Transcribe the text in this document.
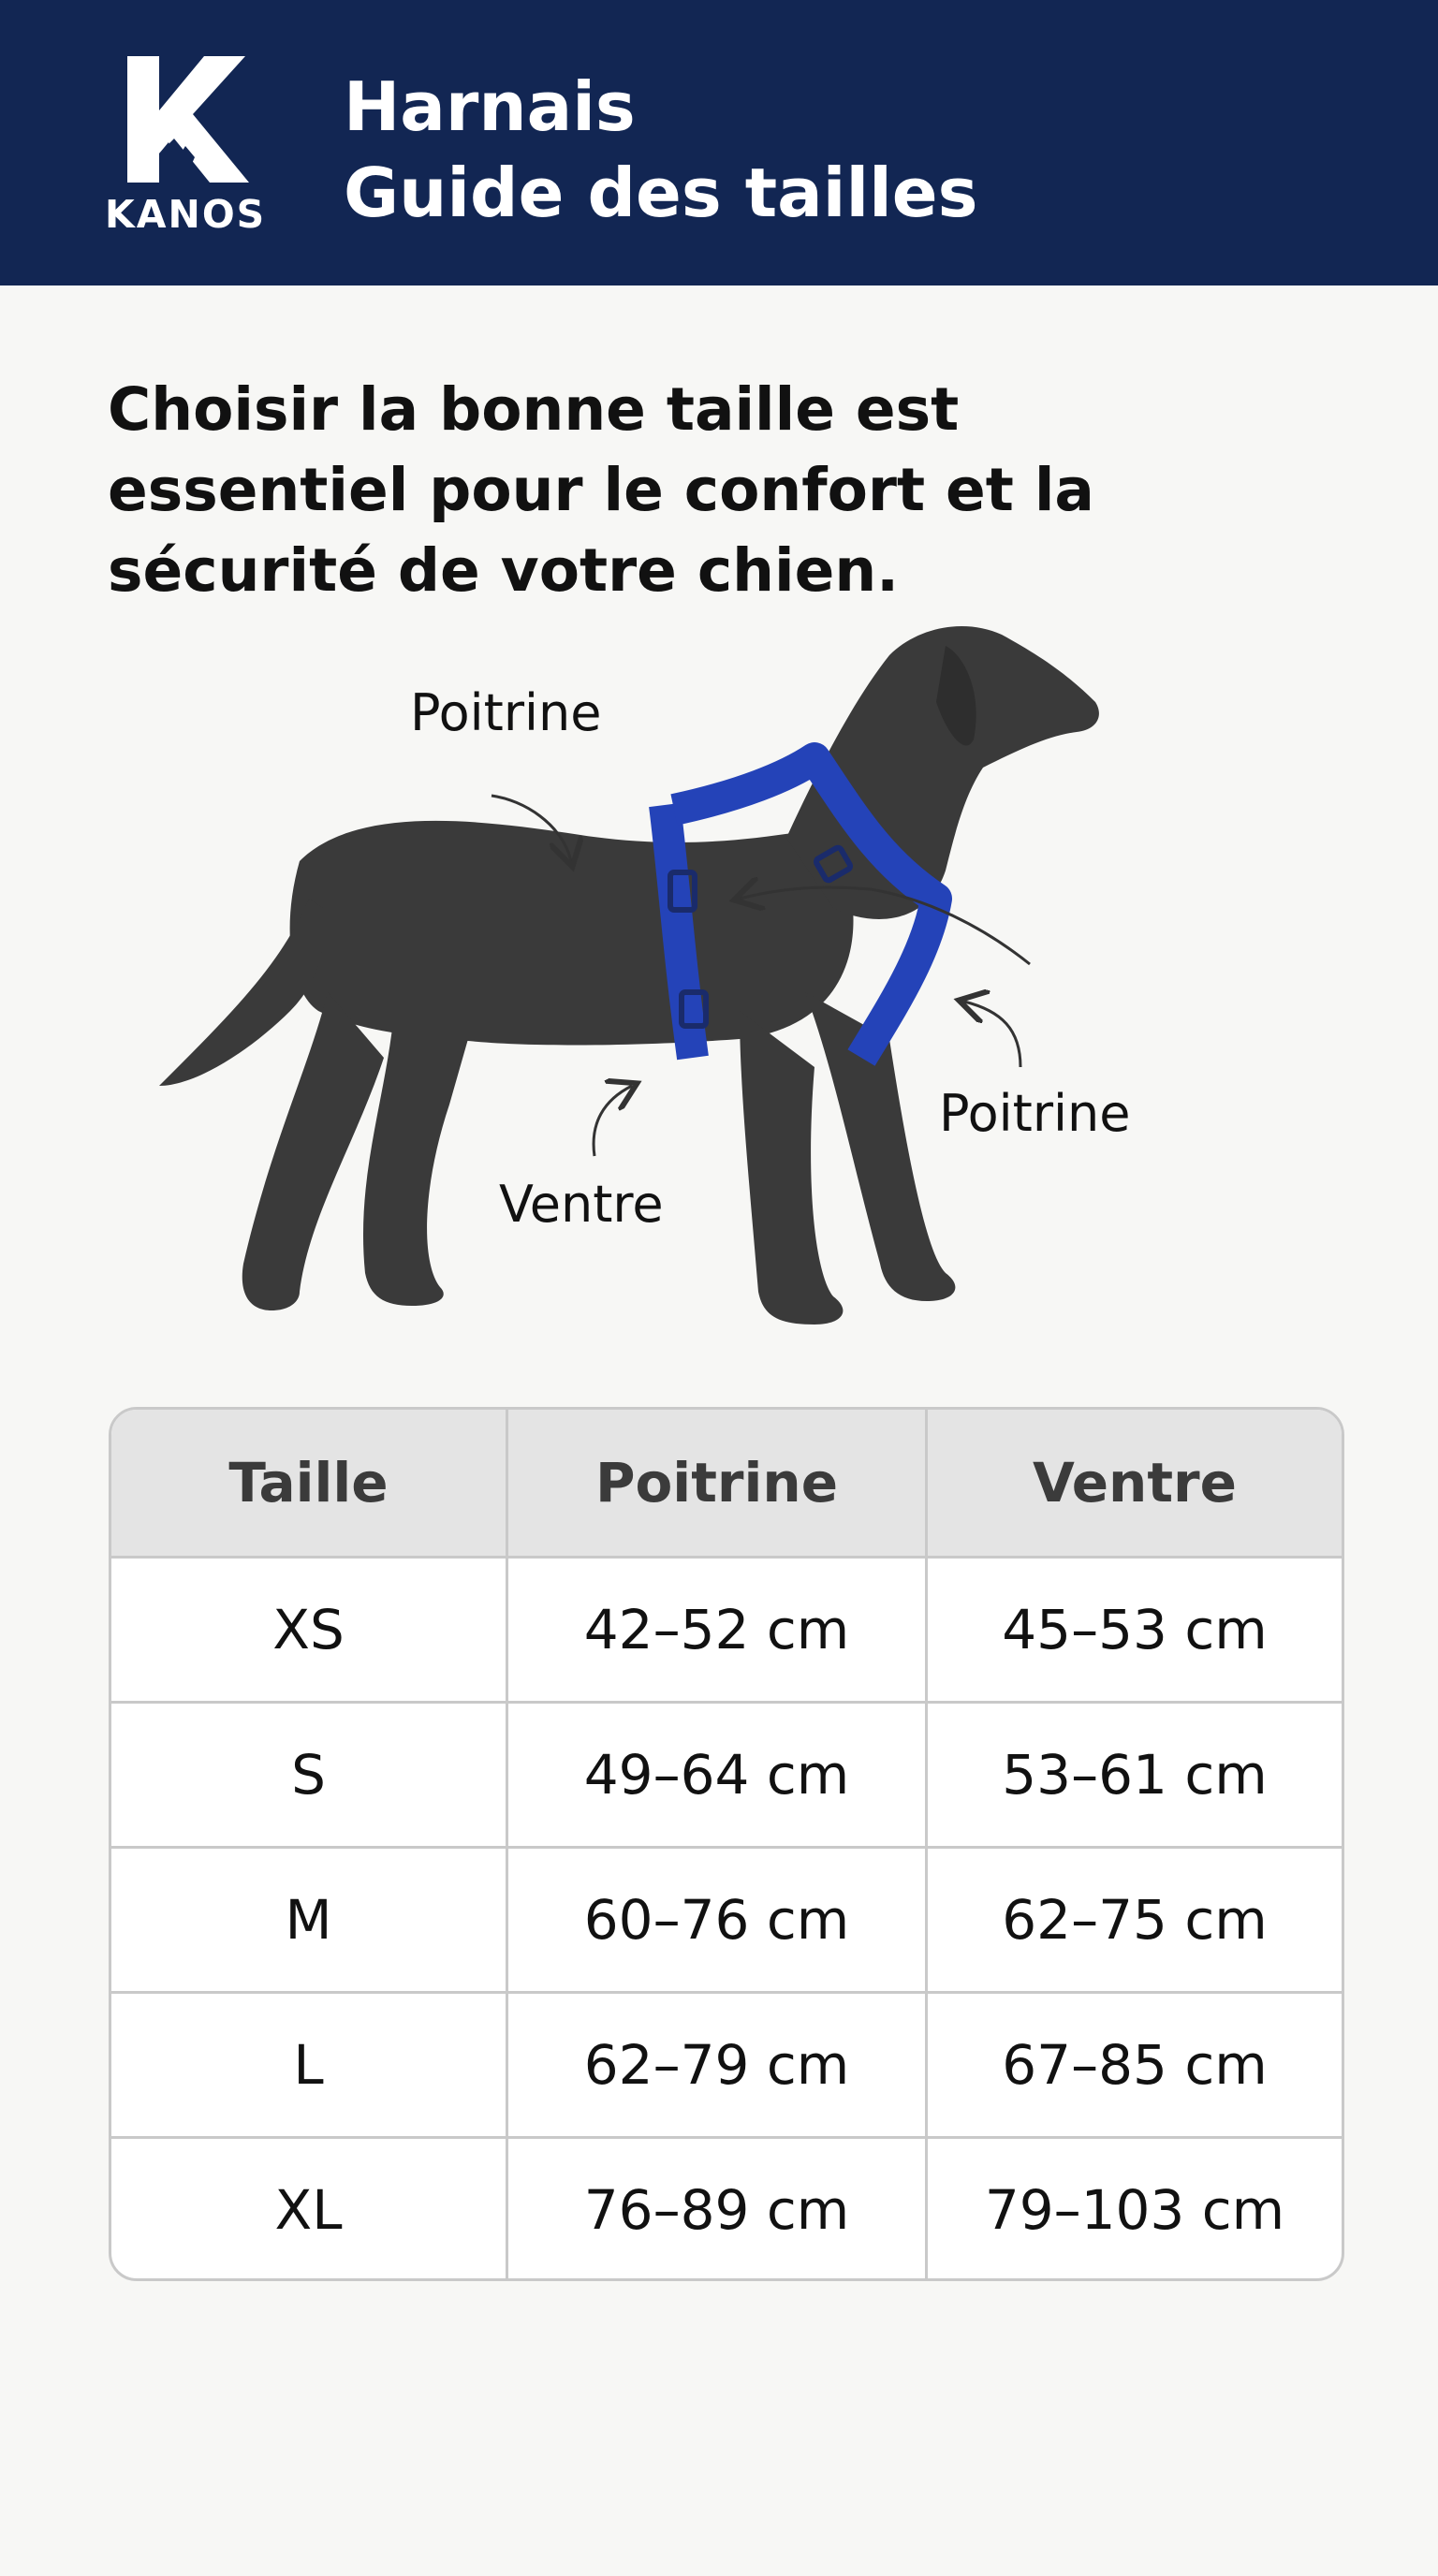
KANOS
Harnais
Guide des tailles
Choisir la bonne taille est essentiel pour le confort et la sécurité de votre chien.
Poitrine
Poitrine
Ventre
Taille	Poitrine	Ventre
XS	42–52 cm	45–53 cm
S	49–64 cm	53–61 cm
M	60–76 cm	62–75 cm
L	62–79 cm	67–85 cm
XL	76–89 cm	79–103 cm
